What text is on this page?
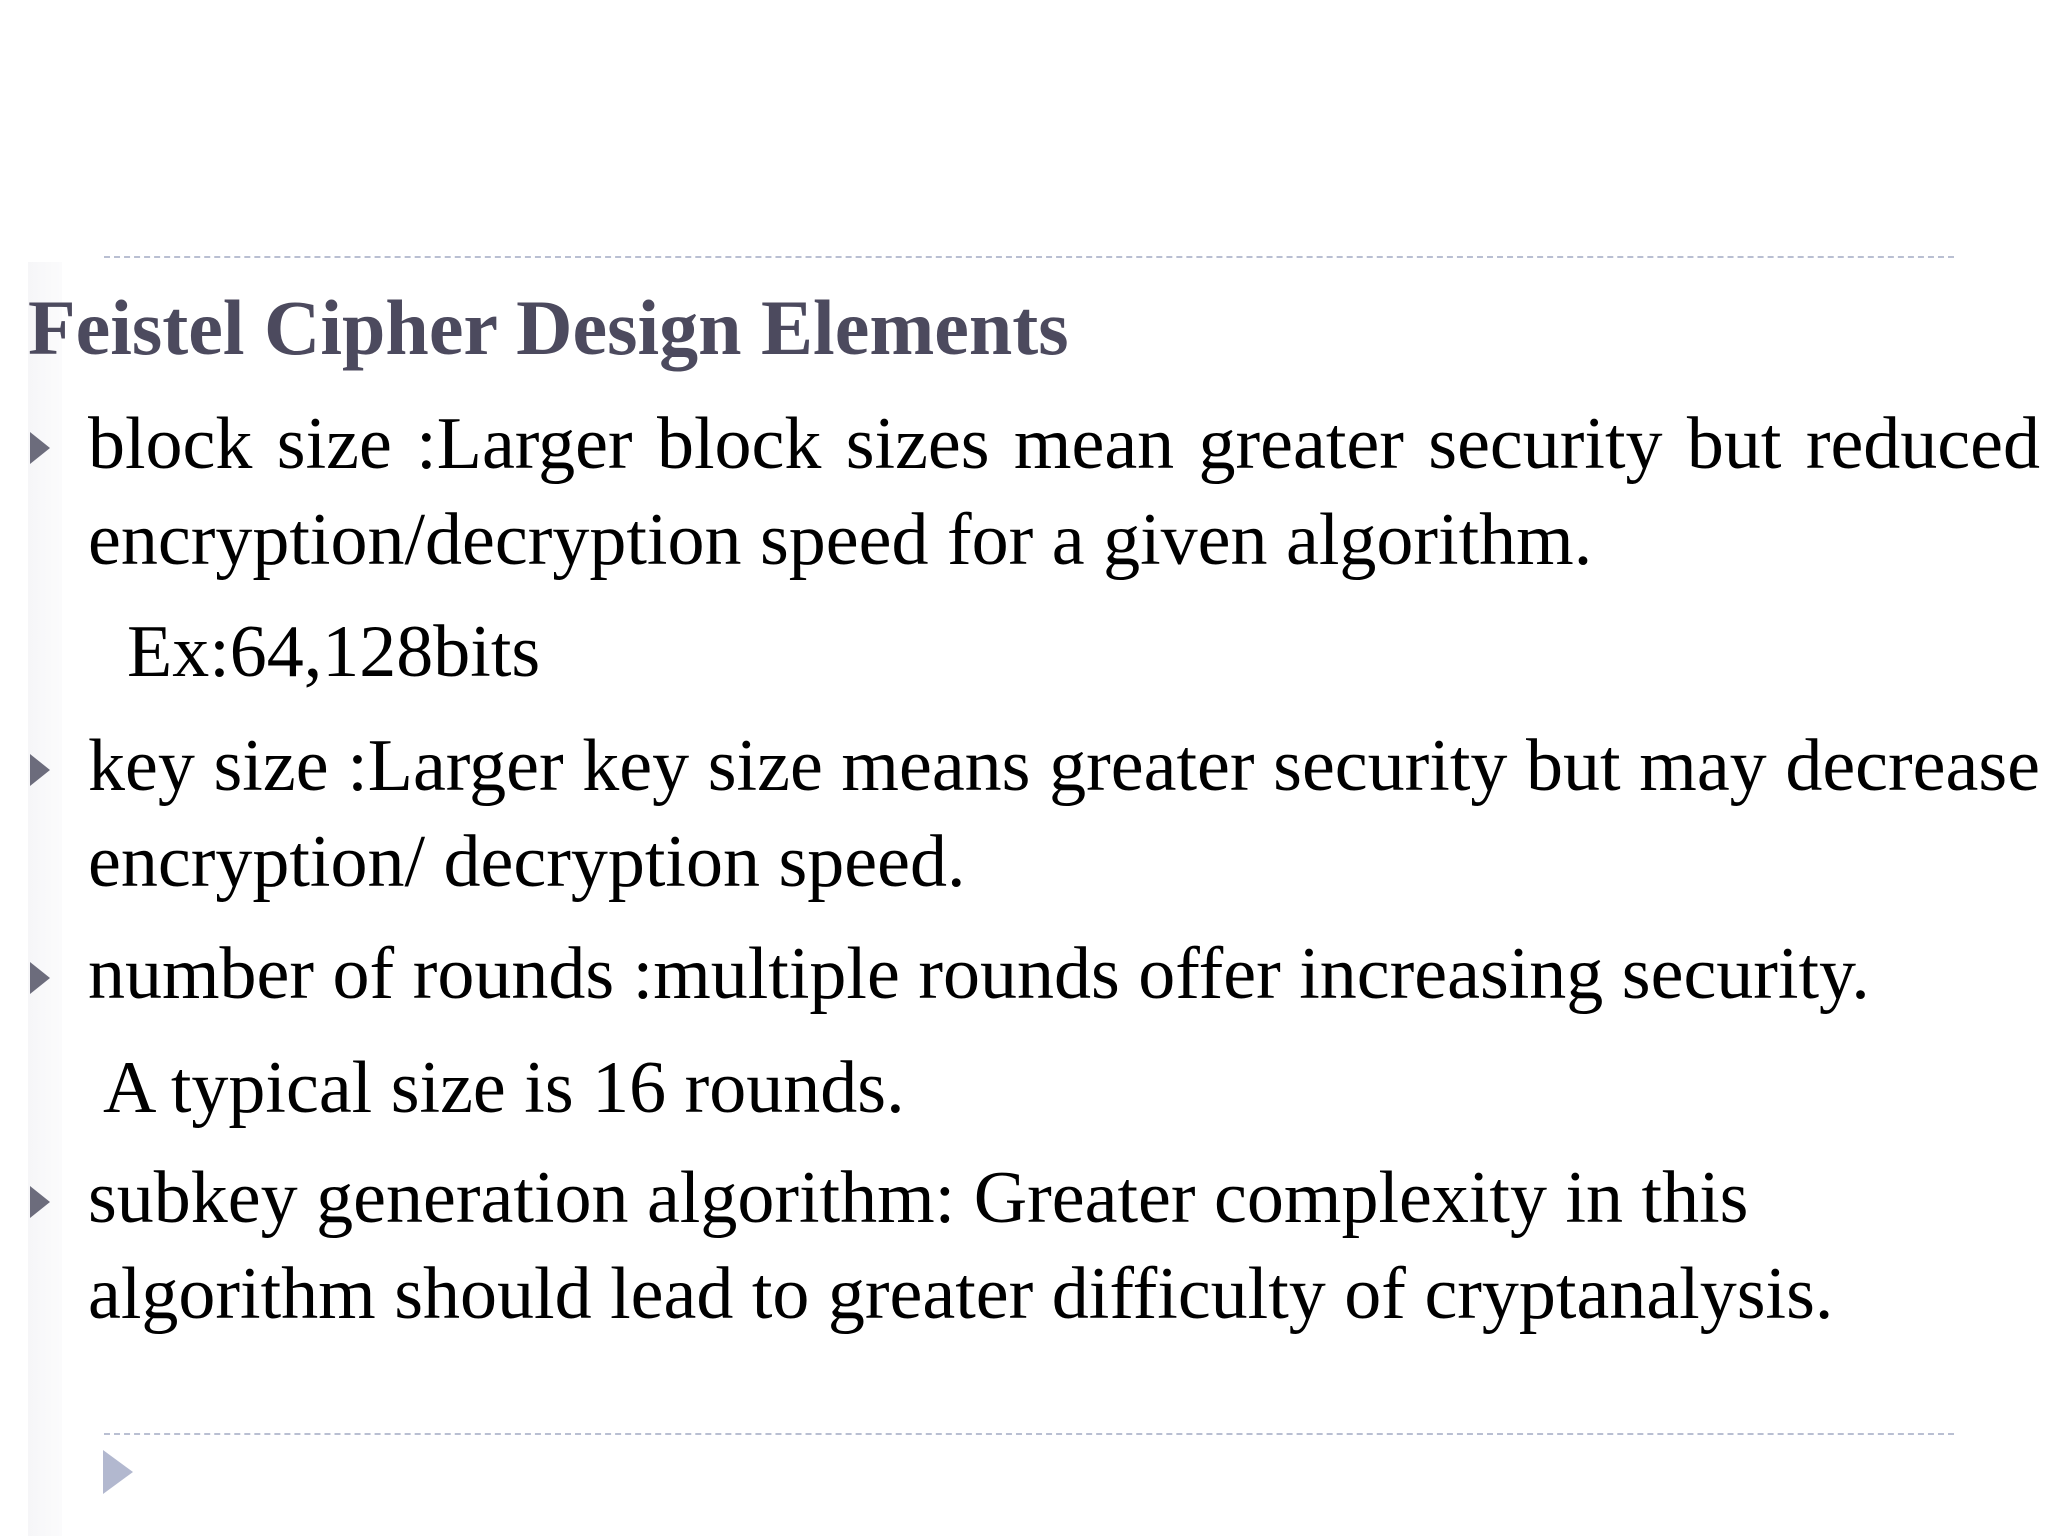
Feistel Cipher Design Elements
block size :Larger block sizes mean greater security but reduced encryption/decryption speed for a given algorithm.
Ex:64,128bits
key size :Larger key size means greater security but may decrease encryption/ decryption speed.
number of rounds :multiple rounds offer increasing security.
A typical size is 16 rounds.
subkey generation algorithm: Greater complexity in this algorithm should lead to greater difficulty of cryptanalysis.
